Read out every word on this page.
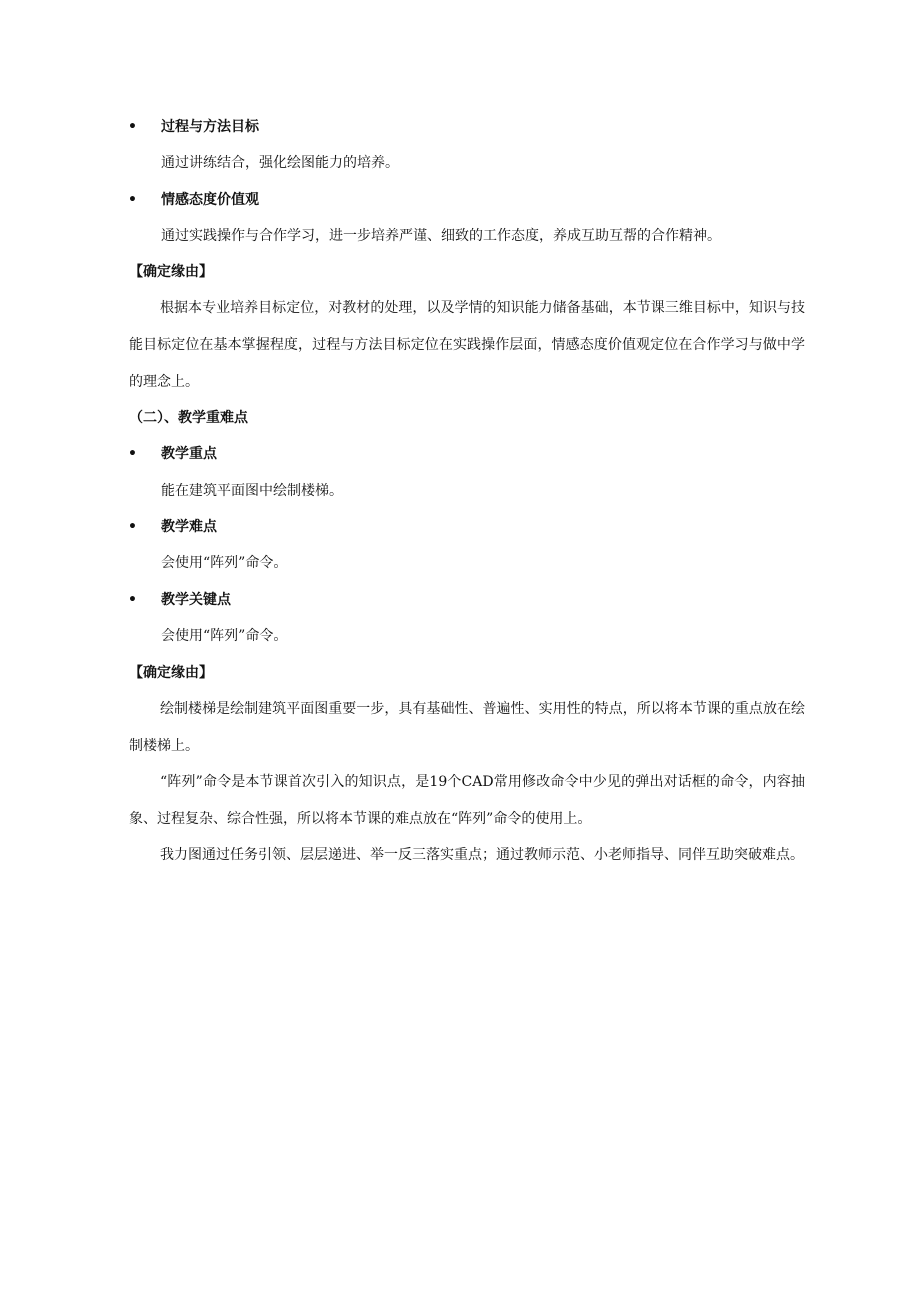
• 过程与方法目标
通过讲练结合，强化绘图能力的培养。
• 情感态度价值观
通过实践操作与合作学习，进一步培养严谨、细致的工作态度，养成互助互帮的合作精神。
【确定缘由】
根据本专业培养目标定位，对教材的处理，以及学情的知识能力储备基础，本节课三维目标中，知识与技能目标定位在基本掌握程度，过程与方法目标定位在实践操作层面，情感态度价值观定位在合作学习与做中学的理念上。
（二）、教学重难点
• 教学重点
能在建筑平面图中绘制楼梯。
• 教学难点
会使用“阵列”命令。
• 教学关键点
会使用“阵列”命令。
【确定缘由】
绘制楼梯是绘制建筑平面图重要一步，具有基础性、普遍性、实用性的特点，所以将本节课的重点放在绘制楼梯上。
“阵列”命令是本节课首次引入的知识点，是19个CAD常用修改命令中少见的弹出对话框的命令，内容抽象、过程复杂、综合性强，所以将本节课的难点放在“阵列”命令的使用上。
我力图通过任务引领、层层递进、举一反三落实重点；通过教师示范、小老师指导、同伴互助突破难点。
